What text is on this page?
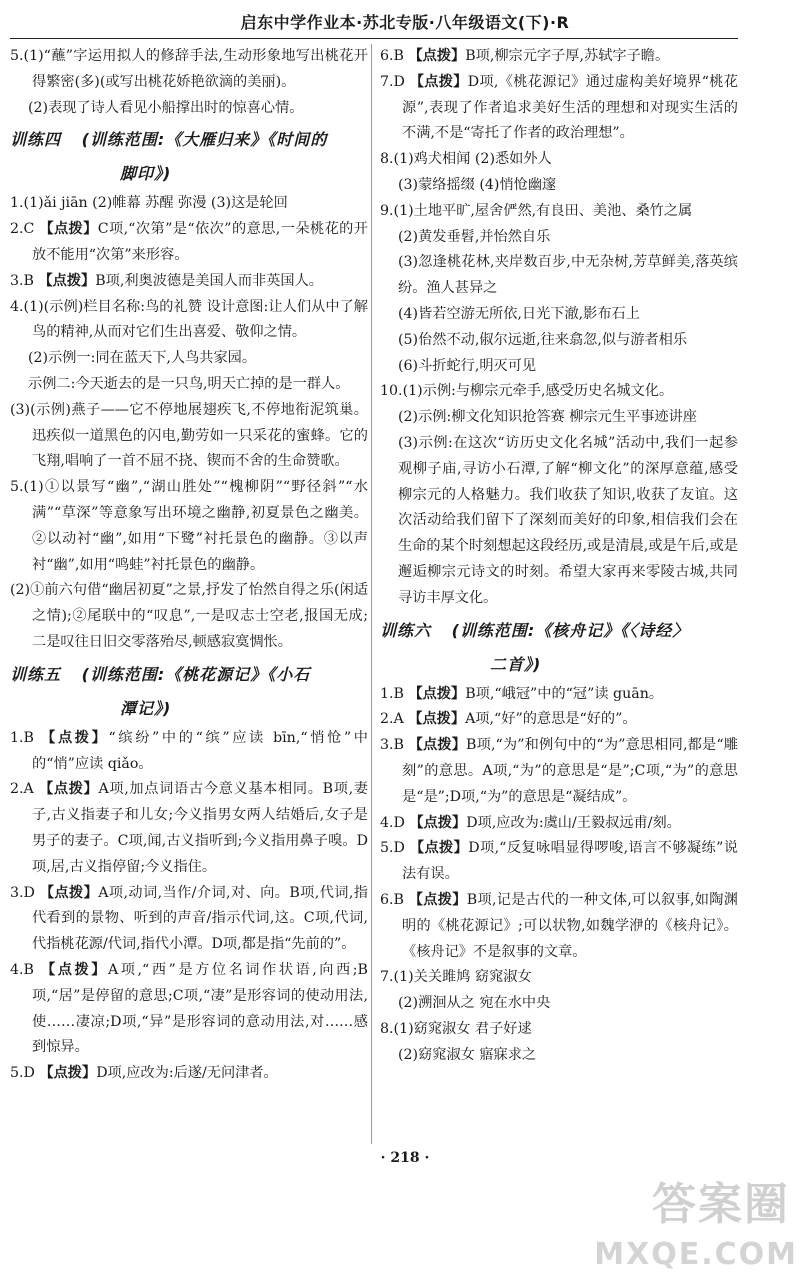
启东中学作业本·苏北专版·八年级语文(下)·R

5.(1)“蘸”字运用拟人的修辞手法,生动形象地写出桃花开得繁密(多)(或写出桃花娇艳欲滴的美丽)。

(2)表现了诗人看见小船撑出时的惊喜心情。

训练四 (训练范围:《大雁归来》《时间的
脚印》)

1.(1)ǎi jiān (2)帷幕 苏醒 弥漫 (3)这是轮回

2.C 【点拨】C项,“次第”是“依次”的意思,一朵桃花的开放不能用“次第”来形容。

3.B 【点拨】B项,利奥波德是美国人而非英国人。

4.(1)(示例)栏目名称:鸟的礼赞 设计意图:让人们从中了解鸟的精神,从而对它们生出喜爱、敬仰之情。

(2)示例一:同在蓝天下,人鸟共家园。

示例二:今天逝去的是一只鸟,明天亡掉的是一群人。

(3)(示例)燕子——它不停地展翅疾飞,不停地衔泥筑巢。迅疾似一道黑色的闪电,勤劳如一只采花的蜜蜂。它的飞翔,唱响了一首不屈不挠、锲而不舍的生命赞歌。

5.(1)①以景写“幽”,“湖山胜处”“槐柳阴”“野径斜”“水满”“草深”等意象写出环境之幽静,初夏景色之幽美。②以动衬“幽”,如用“下鹭”衬托景色的幽静。③以声衬“幽”,如用“鸣蛙”衬托景色的幽静。

(2)①前六句借“幽居初夏”之景,抒发了怡然自得之乐(闲适之情);②尾联中的“叹息”,一是叹志士空老,报国无成;二是叹往日旧交零落殆尽,顿感寂寞惆怅。

训练五 (训练范围:《桃花源记》《小石
潭记》)

1.B 【点拨】“缤纷”中的“缤”应读 bīn,“悄怆”中的“悄”应读 qiǎo。

2.A 【点拨】A项,加点词语古今意义基本相同。B项,妻子,古义指妻子和儿女;今义指男女两人结婚后,女子是男子的妻子。C项,闻,古义指听到;今义指用鼻子嗅。D项,居,古义指停留;今义指住。

3.D 【点拨】A项,动词,当作/介词,对、向。B项,代词,指代看到的景物、听到的声音/指示代词,这。C项,代词,代指桃花源/代词,指代小潭。D项,都是指“先前的”。

4.B 【点拨】A项,“西”是方位名词作状语,向西;B项,“居”是停留的意思;C项,“凄”是形容词的使动用法,使……凄凉;D项,“异”是形容词的意动用法,对……感到惊异。

5.D 【点拨】D项,应改为:后遂/无问津者。

6.B 【点拨】B项,柳宗元字子厚,苏轼字子瞻。

7.D 【点拨】D项,《桃花源记》通过虚构美好境界“桃花源”,表现了作者追求美好生活的理想和对现实生活的不满,不是“寄托了作者的政治理想”。

8.(1)鸡犬相闻 (2)悉如外人

(3)蒙络摇缀 (4)悄怆幽邃

9.(1)土地平旷,屋舍俨然,有良田、美池、桑竹之属

(2)黄发垂髫,并怡然自乐

(3)忽逢桃花林,夹岸数百步,中无杂树,芳草鲜美,落英缤纷。渔人甚异之

(4)皆若空游无所依,日光下澈,影布石上

(5)佁然不动,俶尔远逝,往来翕忽,似与游者相乐

(6)斗折蛇行,明灭可见

10.(1)示例:与柳宗元牵手,感受历史名城文化。

(2)示例:柳文化知识抢答赛 柳宗元生平事迹讲座

(3)示例:在这次“访历史文化名城”活动中,我们一起参观柳子庙,寻访小石潭,了解“柳文化”的深厚意蕴,感受柳宗元的人格魅力。我们收获了知识,收获了友谊。这次活动给我们留下了深刻而美好的印象,相信我们会在生命的某个时刻想起这段经历,或是清晨,或是午后,或是邂逅柳宗元诗文的时刻。希望大家再来零陵古城,共同寻访丰厚文化。

训练六 (训练范围:《核舟记》《〈诗经〉
二首》)

1.B 【点拨】B项,“峨冠”中的“冠”读 guān。

2.A 【点拨】A项,“好”的意思是“好的”。

3.B 【点拨】B项,“为”和例句中的“为”意思相同,都是“雕刻”的意思。A项,“为”的意思是“是”;C项,“为”的意思是“是”;D项,“为”的意思是“凝结成”。

4.D 【点拨】D项,应改为:虞山/王毅叔远甫/刻。

5.D 【点拨】D项,“反复咏唱显得啰唆,语言不够凝练”说法有误。

6.B 【点拨】B项,记是古代的一种文体,可以叙事,如陶渊明的《桃花源记》;可以状物,如魏学洢的《核舟记》。《核舟记》不是叙事的文章。

7.(1)关关雎鸠 窈窕淑女

(2)溯洄从之 宛在水中央

8.(1)窈窕淑女 君子好逑

(2)窈窕淑女 寤寐求之

· 218 ·
答案圈
MXQE.COM
